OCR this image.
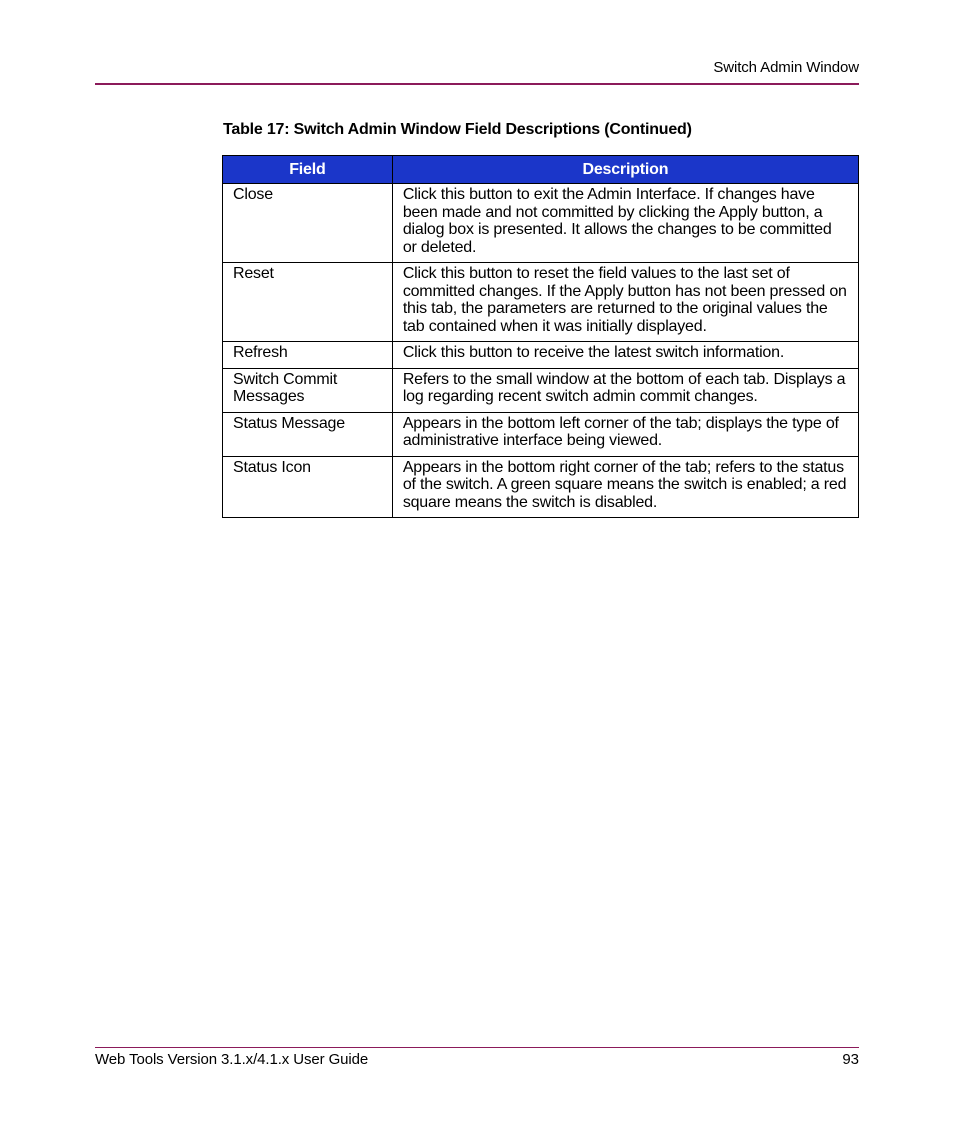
Switch Admin Window
Table 17: Switch Admin Window Field Descriptions (Continued)
Field	Description
Close	Click this button to exit the Admin Interface. If changes have been made and not committed by clicking the Apply button, a dialog box is presented. It allows the changes to be committed or deleted.
Reset	Click this button to reset the field values to the last set of committed changes. If the Apply button has not been pressed on this tab, the parameters are returned to the original values the tab contained when it was initially displayed.
Refresh	Click this button to receive the latest switch information.
Switch Commit Messages	Refers to the small window at the bottom of each tab. Displays a log regarding recent switch admin commit changes.
Status Message	Appears in the bottom left corner of the tab; displays the type of administrative interface being viewed.
Status Icon	Appears in the bottom right corner of the tab; refers to the status of the switch. A green square means the switch is enabled; a red square means the switch is disabled.
Web Tools Version 3.1.x/4.1.x User Guide	93
